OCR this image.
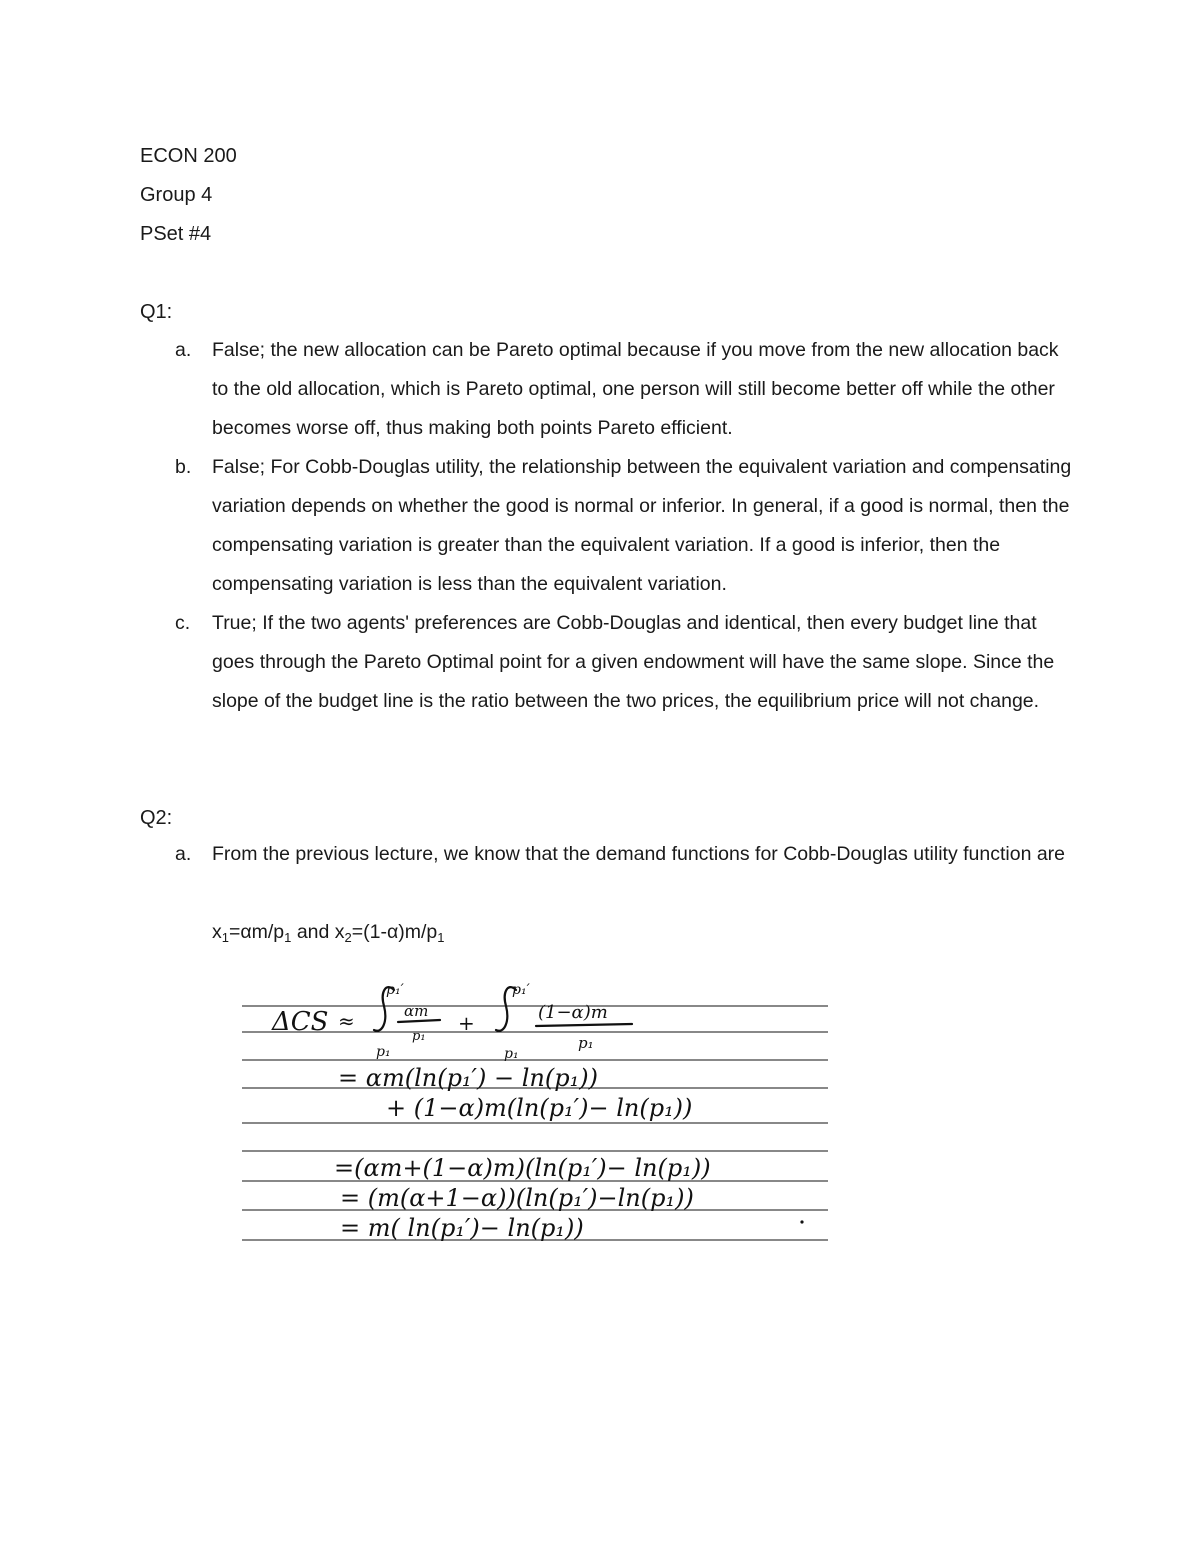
ECON 200
Group 4
PSet #4
Q1:
a. False; the new allocation can be Pareto optimal because if you move from the new allocation back to the old allocation, which is Pareto optimal, one person will still become better off while the other becomes worse off, thus making both points Pareto efficient.
b. False; For Cobb-Douglas utility, the relationship between the equivalent variation and compensating variation depends on whether the good is normal or inferior. In general, if a good is normal, then the compensating variation is greater than the equivalent variation. If a good is inferior, then the compensating variation is less than the equivalent variation.
c. True; If the two agents' preferences are Cobb-Douglas and identical, then every budget line that goes through the Pareto Optimal point for a given endowment will have the same slope. Since the slope of the budget line is the ratio between the two prices, the equilibrium price will not change.
Q2:
a. From the previous lecture, we know that the demand functions for Cobb-Douglas utility function are
$x_1=\alpha m/p_1$ and $x_2=(1-\alpha)m/p_1$
ΔCS ≈
p₁′
p₁
αm
p₁
+
p₁′
p₁
(1−α)m
p₁
= αm(ln(p₁′) − ln(p₁))
+ (1−α)m(ln(p₁′)− ln(p₁))
=(αm+(1−α)m)(ln(p₁′)− ln(p₁))
= (m(α+1−α))(ln(p₁′)−ln(p₁))
= m( ln(p₁′)− ln(p₁))
